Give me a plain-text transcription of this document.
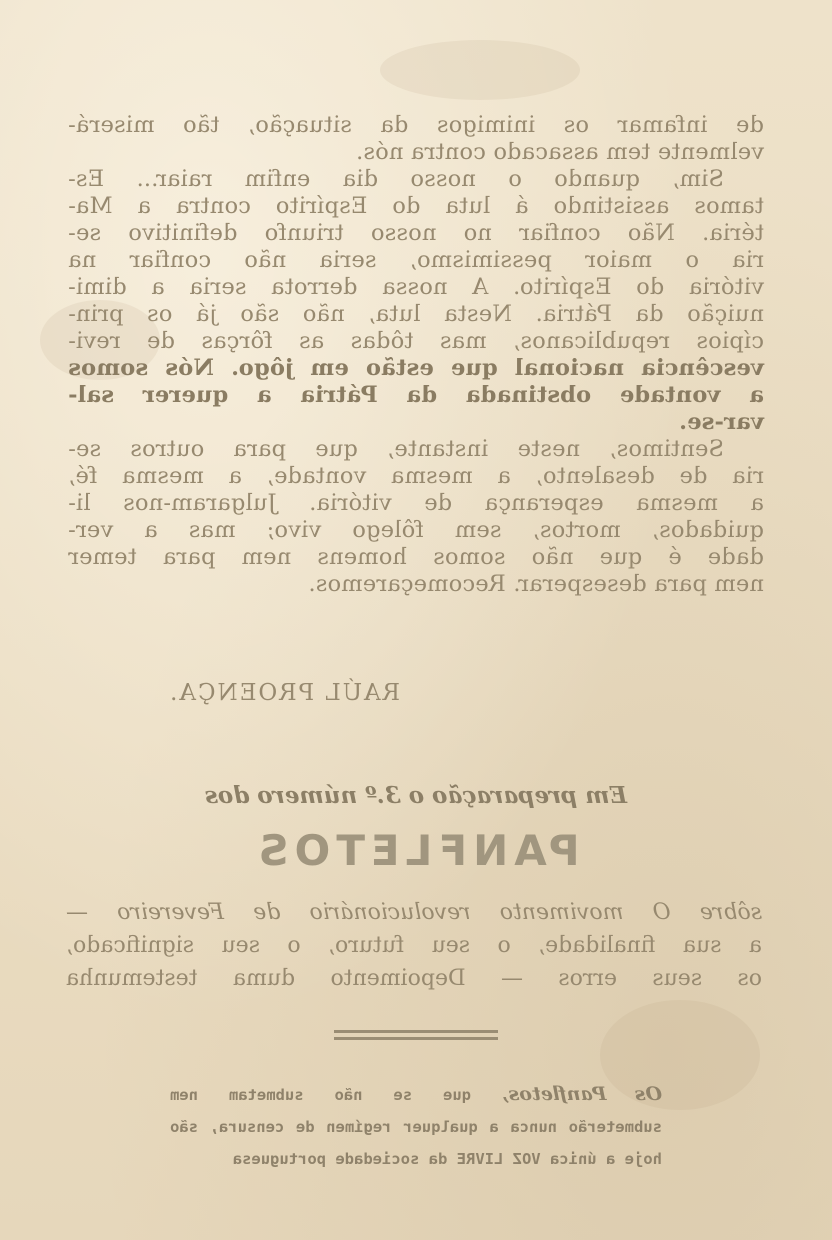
de infamar os inimigos da situação, tão miserá-
velmente tem assacado contra nós.
Sim, quando o nosso dia enfim raiar... Es-
tamos assistindo á luta do Espírito contra a Ma-
téria. Não confiar no nosso triunfo definitivo se-
ria o maior pessimismo, seria não confiar na
vitória do Espírito. A nossa derrota seria a dimi-
nuição da Pátria. Nesta luta, não são já os prin-
cípios republicanos, mas tôdas as fôrças de revi-
vescência nacional que estão em jôgo. Nós somos
a vontade obstinada da Pátria a querer sal-
var-se.
Sentimos, neste instante, que para outros se-
ria de desalento, a mesma vontade, a mesma fé,
a mesma esperança de vitória. Julgaram-nos li-
quidados, mortos, sem fôlego vivo; mas a ver-
dade é que não somos homens nem para temer
nem para desesperar. Recomeçaremos.
RAÚL PROENÇA.
Em preparação o 3.º número dos
PANFLETOS
sôbre O movimento revolucionário de Fevereiro —
a sua finalidade, o seu futuro, o seu significado,
os seus erros — Depoimento duma testemunha
Os Panfletos, que se não submetam nem
submeterão nunca a qualquer regímen de censura, são
hoje a única VOZ LIVRE da sociedade portuguesa
